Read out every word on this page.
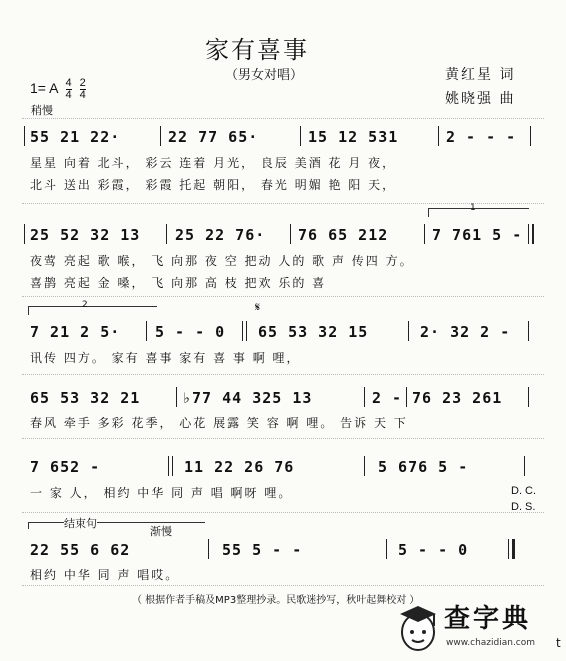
家有喜事
（男女对唱）	黄红星 词
姚晓强 曲
1= A $\frac{4}{4}$
$\frac{2}{4}$
稍慢
55 21 22·	22 77 65·	15 12 531	2 - - -
星星 向着 北斗， 彩云 连着 月光， 良辰 美酒 花 月 夜，
北斗 送出 彩霞， 彩霞 托起 朝阳， 春光 明媚 艳 阳 天，
1
25 52 32 13 25 22 76· 76 65 212	7 761 5 -
夜莺 亮起 歌 喉， 飞 向那 夜 空 把动 人的 歌 声 传四 方。
喜鹊 亮起 金 嗓， 飞 向那 高 枝 把欢 乐的 喜
2	𝄋
7 21 2 5· 5 - - 0 65 53 32 15	2· 32 2 -
讯传 四方。 家有 喜事 家有 喜 事 啊 哩，
65 53 32 21	♭77 44 325 13	2 - 76 23 261
春风 牵手 多彩 花季， 心花 展露 笑 容 啊 哩。 告诉 天 下
7 652 -	11 22 26 76	5 676 5 -
一 家 人， 相约 中华 同 声 唱 啊呀 哩。	D. C.
D. S.
结束句
渐慢
22 55 6 62	55 5 - -	5 - - 0
相约 中华 同 声 唱哎。
（ 根据作者手稿及MP3整理抄录。民歌迷抄写，秋叶起舞校对 ）
查字典
www.chazidian.com t
